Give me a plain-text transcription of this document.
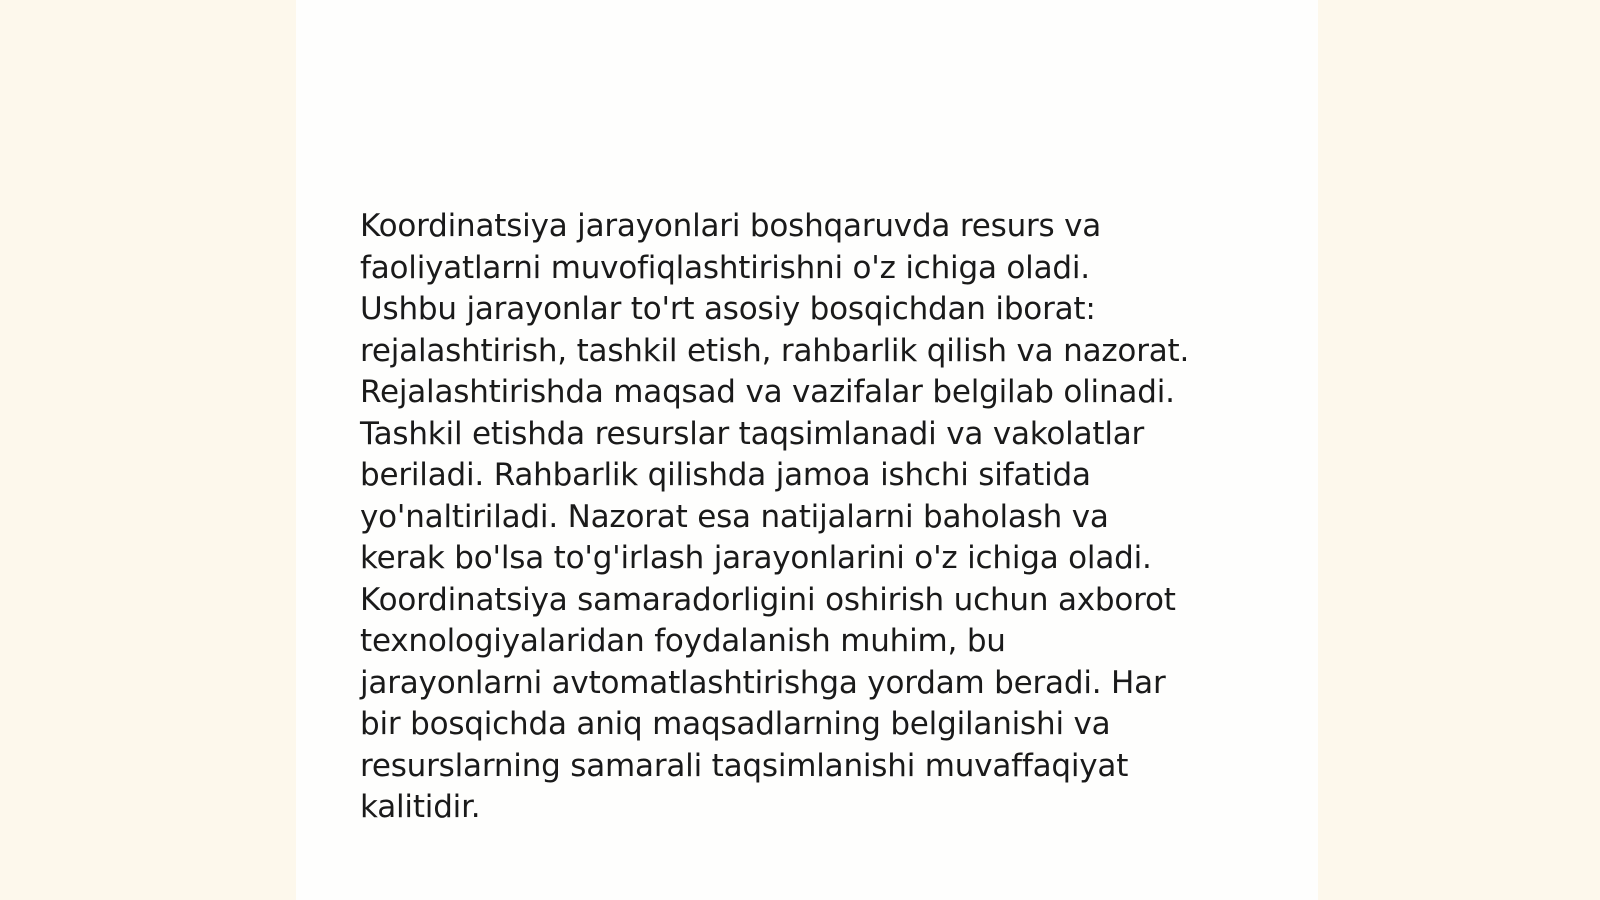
Koordinatsiya jarayonlari boshqaruvda resurs va
faoliyatlarni muvofiqlashtirishni o'z ichiga oladi.
Ushbu jarayonlar to'rt asosiy bosqichdan iborat:
rejalashtirish, tashkil etish, rahbarlik qilish va nazorat.
Rejalashtirishda maqsad va vazifalar belgilab olinadi.
Tashkil etishda resurslar taqsimlanadi va vakolatlar
beriladi. Rahbarlik qilishda jamoa ishchi sifatida
yo'naltiriladi. Nazorat esa natijalarni baholash va
kerak bo'lsa to'g'irlash jarayonlarini o'z ichiga oladi.
Koordinatsiya samaradorligini oshirish uchun axborot
texnologiyalaridan foydalanish muhim, bu
jarayonlarni avtomatlashtirishga yordam beradi. Har
bir bosqichda aniq maqsadlarning belgilanishi va
resurslarning samarali taqsimlanishi muvaffaqiyat
kalitidir.
